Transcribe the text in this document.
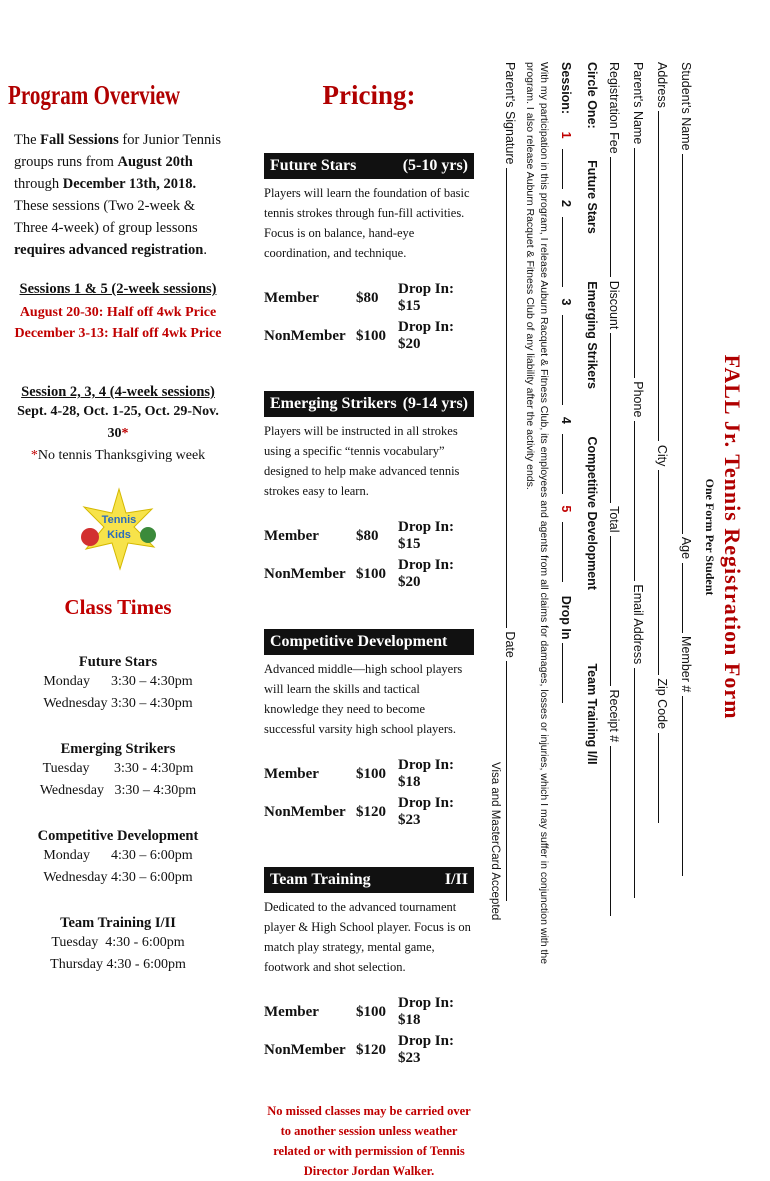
Program Overview

The Fall Sessions for Junior Tennis groups runs from August 20th through December 13th, 2018. These sessions (Two 2-week & Three 4-week) of group lessons requires advanced registration.

Sessions 1 & 5 (2-week sessions)

August 20-30: Half off 4wk Price
December 3-13: Half off 4wk Price

Session 2, 3, 4 (4-week sessions)

Sept. 4-28, Oct. 1-25, Oct. 29-Nov. 30*
*No tennis Thanksgiving week
Tennis
Kids
Class Times
Future Stars
Monday      3:30 – 4:30pm
Wednesday 3:30 – 4:30pm
Emerging Strikers
Tuesday       3:30 - 4:30pm
Wednesday   3:30 – 4:30pm
Competitive Development
Monday      4:30 – 6:00pm
Wednesday 4:30 – 6:00pm
Team Training I/II
Tuesday  4:30 - 6:00pm
Thursday 4:30 - 6:00pm
Pricing:
Future Stars	(5-10 yrs)

Players will learn the foundation of basic tennis strokes through fun-fill activities. Focus is on balance, hand-eye coordination, and technique.

Member	$80	Drop In: $15
NonMember	$100	Drop In: $20
Emerging Strikers (9-14 yrs)

Players will be instructed in all strokes using a specific “tennis vocabulary” designed to help make advanced tennis strokes easy to learn.

Member	$80	Drop In: $15
NonMember	$100	Drop In: $20
Competitive Development

Advanced middle—high school players will learn the skills and tactical knowledge they need to become successful varsity high school players.

Member	$100	Drop In: $18
NonMember	$120	Drop In: $23
Team Training	I/II

Dedicated to the advanced tournament player & High School player. Focus is on match play strategy, mental game, footwork and shot selection.

Member	$100	Drop In: $18
NonMember	$120	Drop In: $23
No missed classes may be carried over to another session unless weather related or with permission of Tennis Director Jordan Walker.
FALL Jr. Tennis Registration Form
One Form Per Student
Student's Name  Age  Member #
Address  City  Zip Code
Parent's Name  Phone  Email Address
Registration Fee  Discount  Total  Receipt #
Circle One: Future Stars Emerging Strikers Competitive Development Team Training I/II
Session: 1 2 3 4 5 Drop In
With my participation in this program, I release Auburn Racquet & Fitness Club, its employees and agents from all claims for damages, losses or injuries, which I may suffer in conjunction with the program. I also release Auburn Racquet & Fitness Club of any liability after the activity ends.
Parent's Signature  Date
Visa and MasterCard Accepted
